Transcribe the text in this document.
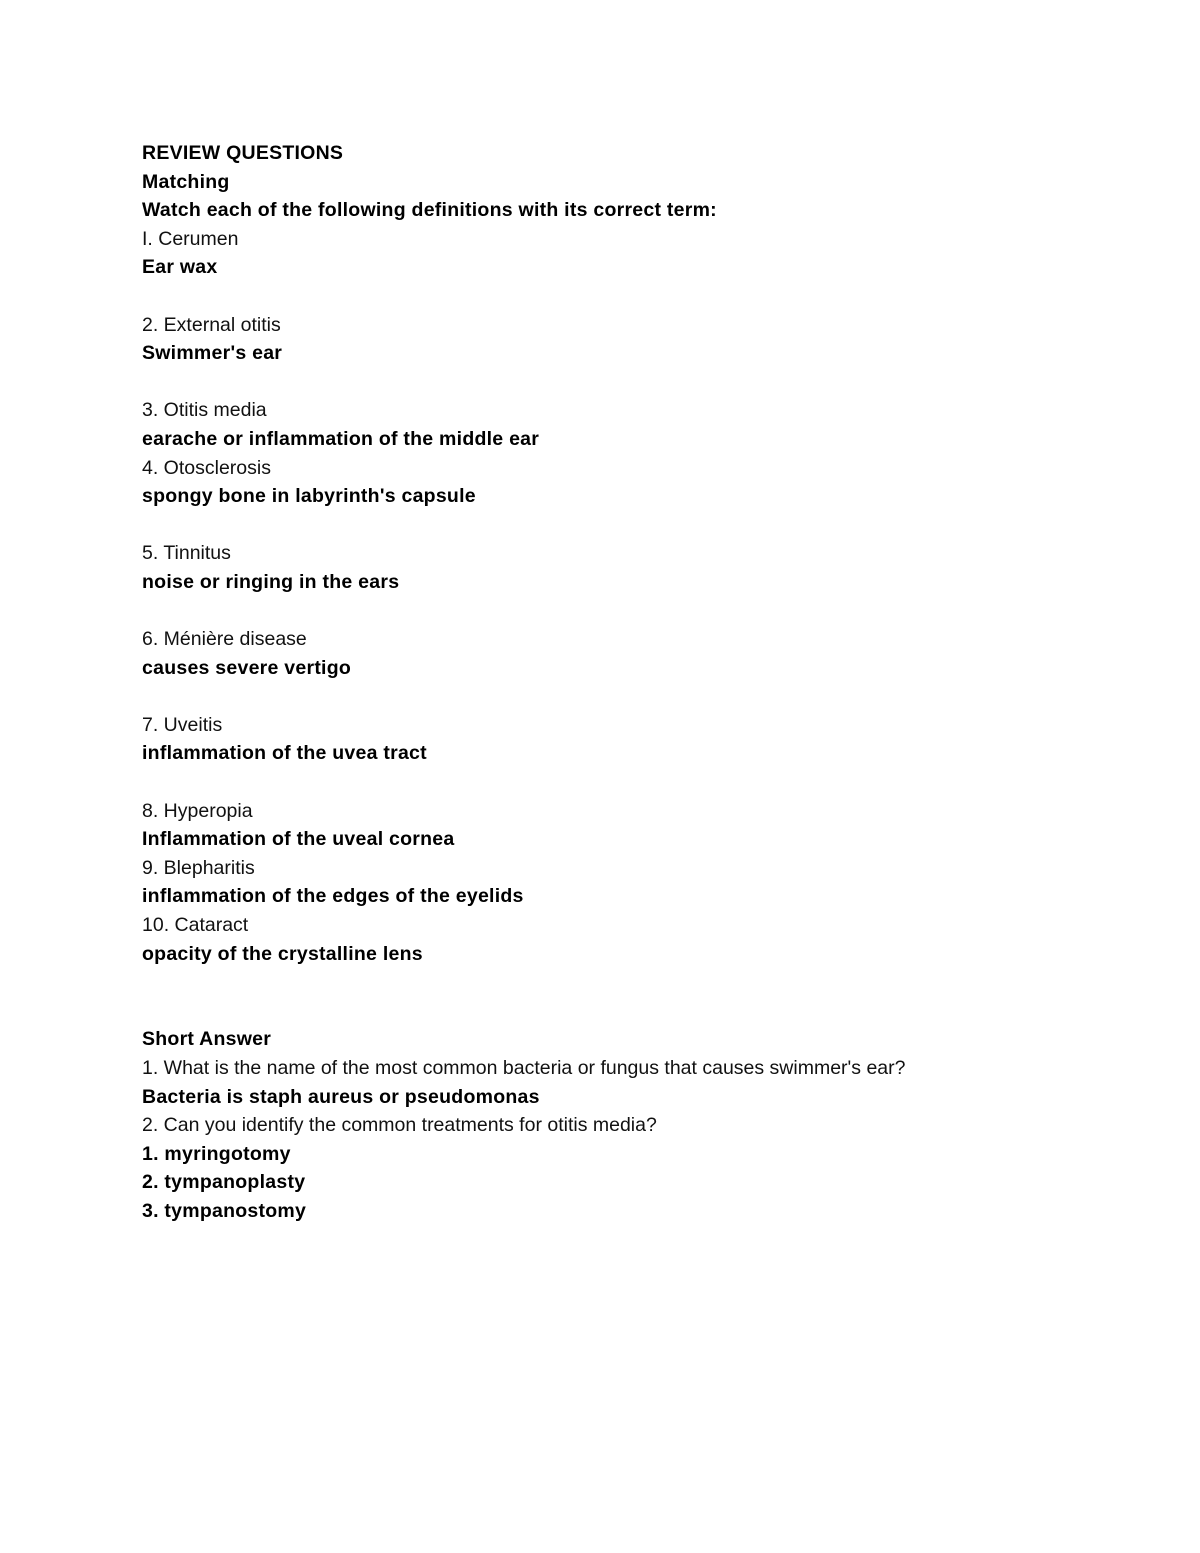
REVIEW QUESTIONS
Matching
Watch each of the following definitions with its correct term:
I. Cerumen
Ear wax
2. External otitis
Swimmer's ear
3. Otitis media
earache or inflammation of the middle ear
4. Otosclerosis
spongy bone in labyrinth's capsule
5. Tinnitus
noise or ringing in the ears
6. Ménière disease
causes severe vertigo
7. Uveitis
inflammation of the uvea tract
8. Hyperopia
Inflammation of the uveal cornea
9. Blepharitis
inflammation of the edges of the eyelids
10. Cataract
opacity of the crystalline lens
Short Answer
1. What is the name of the most common bacteria or fungus that causes swimmer's ear?
Bacteria is staph aureus or pseudomonas
2. Can you identify the common treatments for otitis media?
1. myringotomy
2. tympanoplasty
3. tympanostomy
